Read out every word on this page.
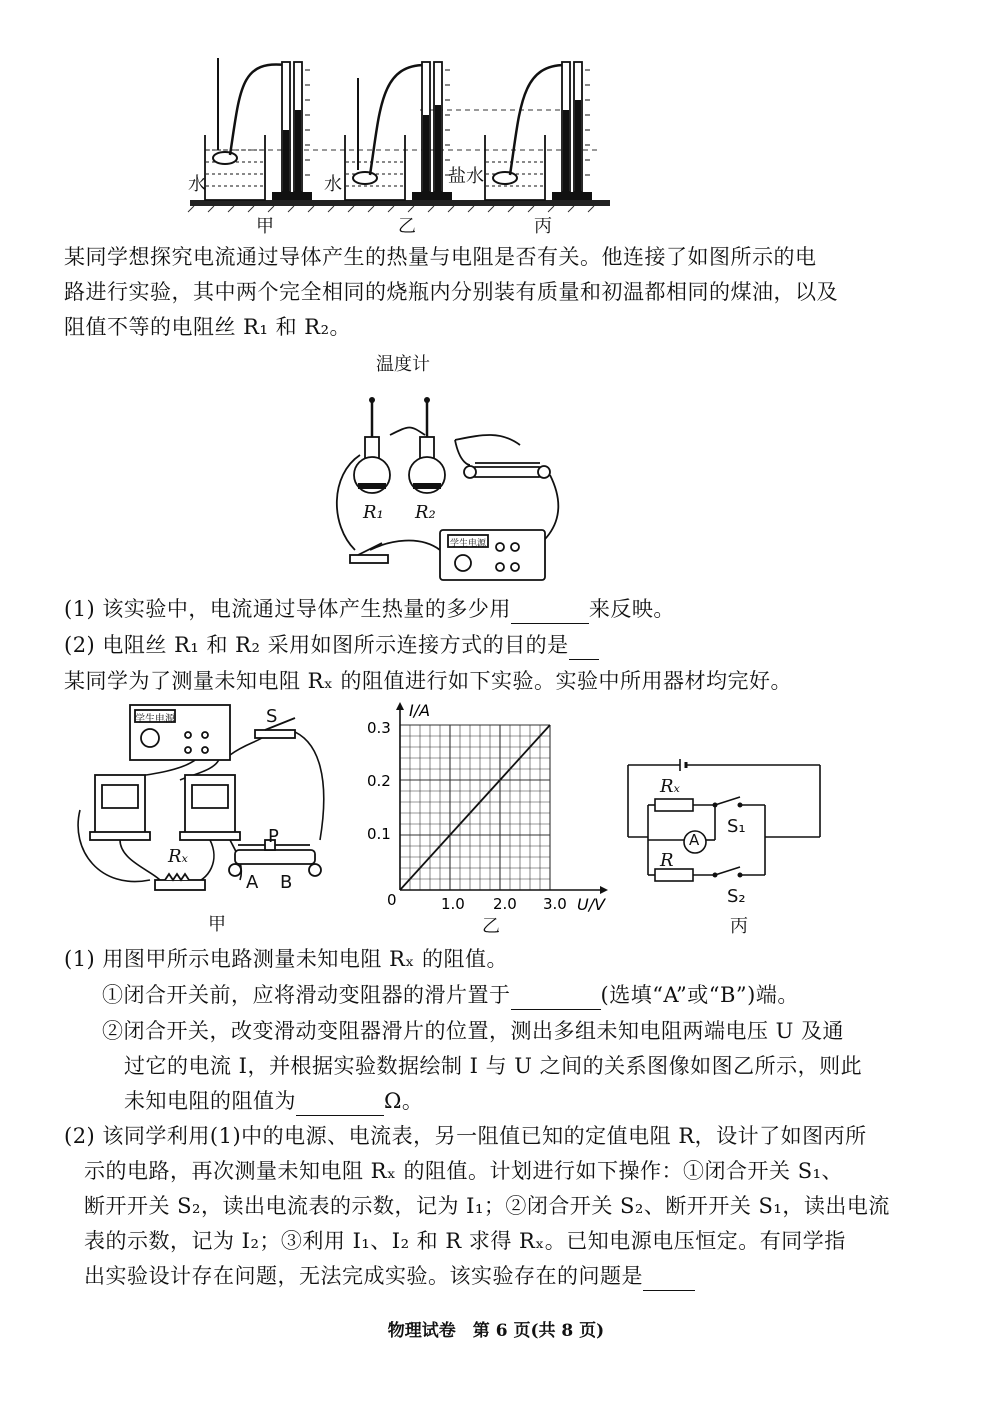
水	水	盐水
甲	乙	丙
某同学想探究电流通过导体产生的热量与电阻是否有关。他连接了如图所示的电
路进行实验，其中两个完全相同的烧瓶内分别装有质量和初温都相同的煤油，以及
阻值不等的电阻丝 R₁ 和 R₂。
温度计
R₁ R₂
学生电源
(1) 该实验中，电流通过导体产生热量的多少用	来反映。
(2) 电阻丝 R₁ 和 R₂ 采用如图所示连接方式的目的是
某同学为了测量未知电阻 Rₓ 的阻值进行如下实验。实验中所用器材均完好。
学生电源	S
Rₓ
P
A B
甲
I/A
U/V
0
0.3
0.2
0.1
1.0 2.0 3.0
乙
Rₓ
R
A
S₁
S₂
丙
(1) 用图甲所示电路测量未知电阻 Rₓ 的阻值。
①闭合开关前，应将滑动变阻器的滑片置于	(选填“A”或“B”)端。
②闭合开关，改变滑动变阻器滑片的位置，测出多组未知电阻两端电压 U 及通
过它的电流 I，并根据实验数据绘制 I 与 U 之间的关系图像如图乙所示，则此
未知电阻的阻值为	Ω。
(2) 该同学利用(1)中的电源、电流表，另一阻值已知的定值电阻 R，设计了如图丙所
示的电路，再次测量未知电阻 Rₓ 的阻值。计划进行如下操作：①闭合开关 S₁、
断开开关 S₂，读出电流表的示数，记为 I₁；②闭合开关 S₂、断开开关 S₁，读出电流
表的示数，记为 I₂；③利用 I₁、I₂ 和 R 求得 Rₓ。已知电源电压恒定。有同学指
出实验设计存在问题，无法完成实验。该实验存在的问题是
物理试卷　第 6 页(共 8 页)
